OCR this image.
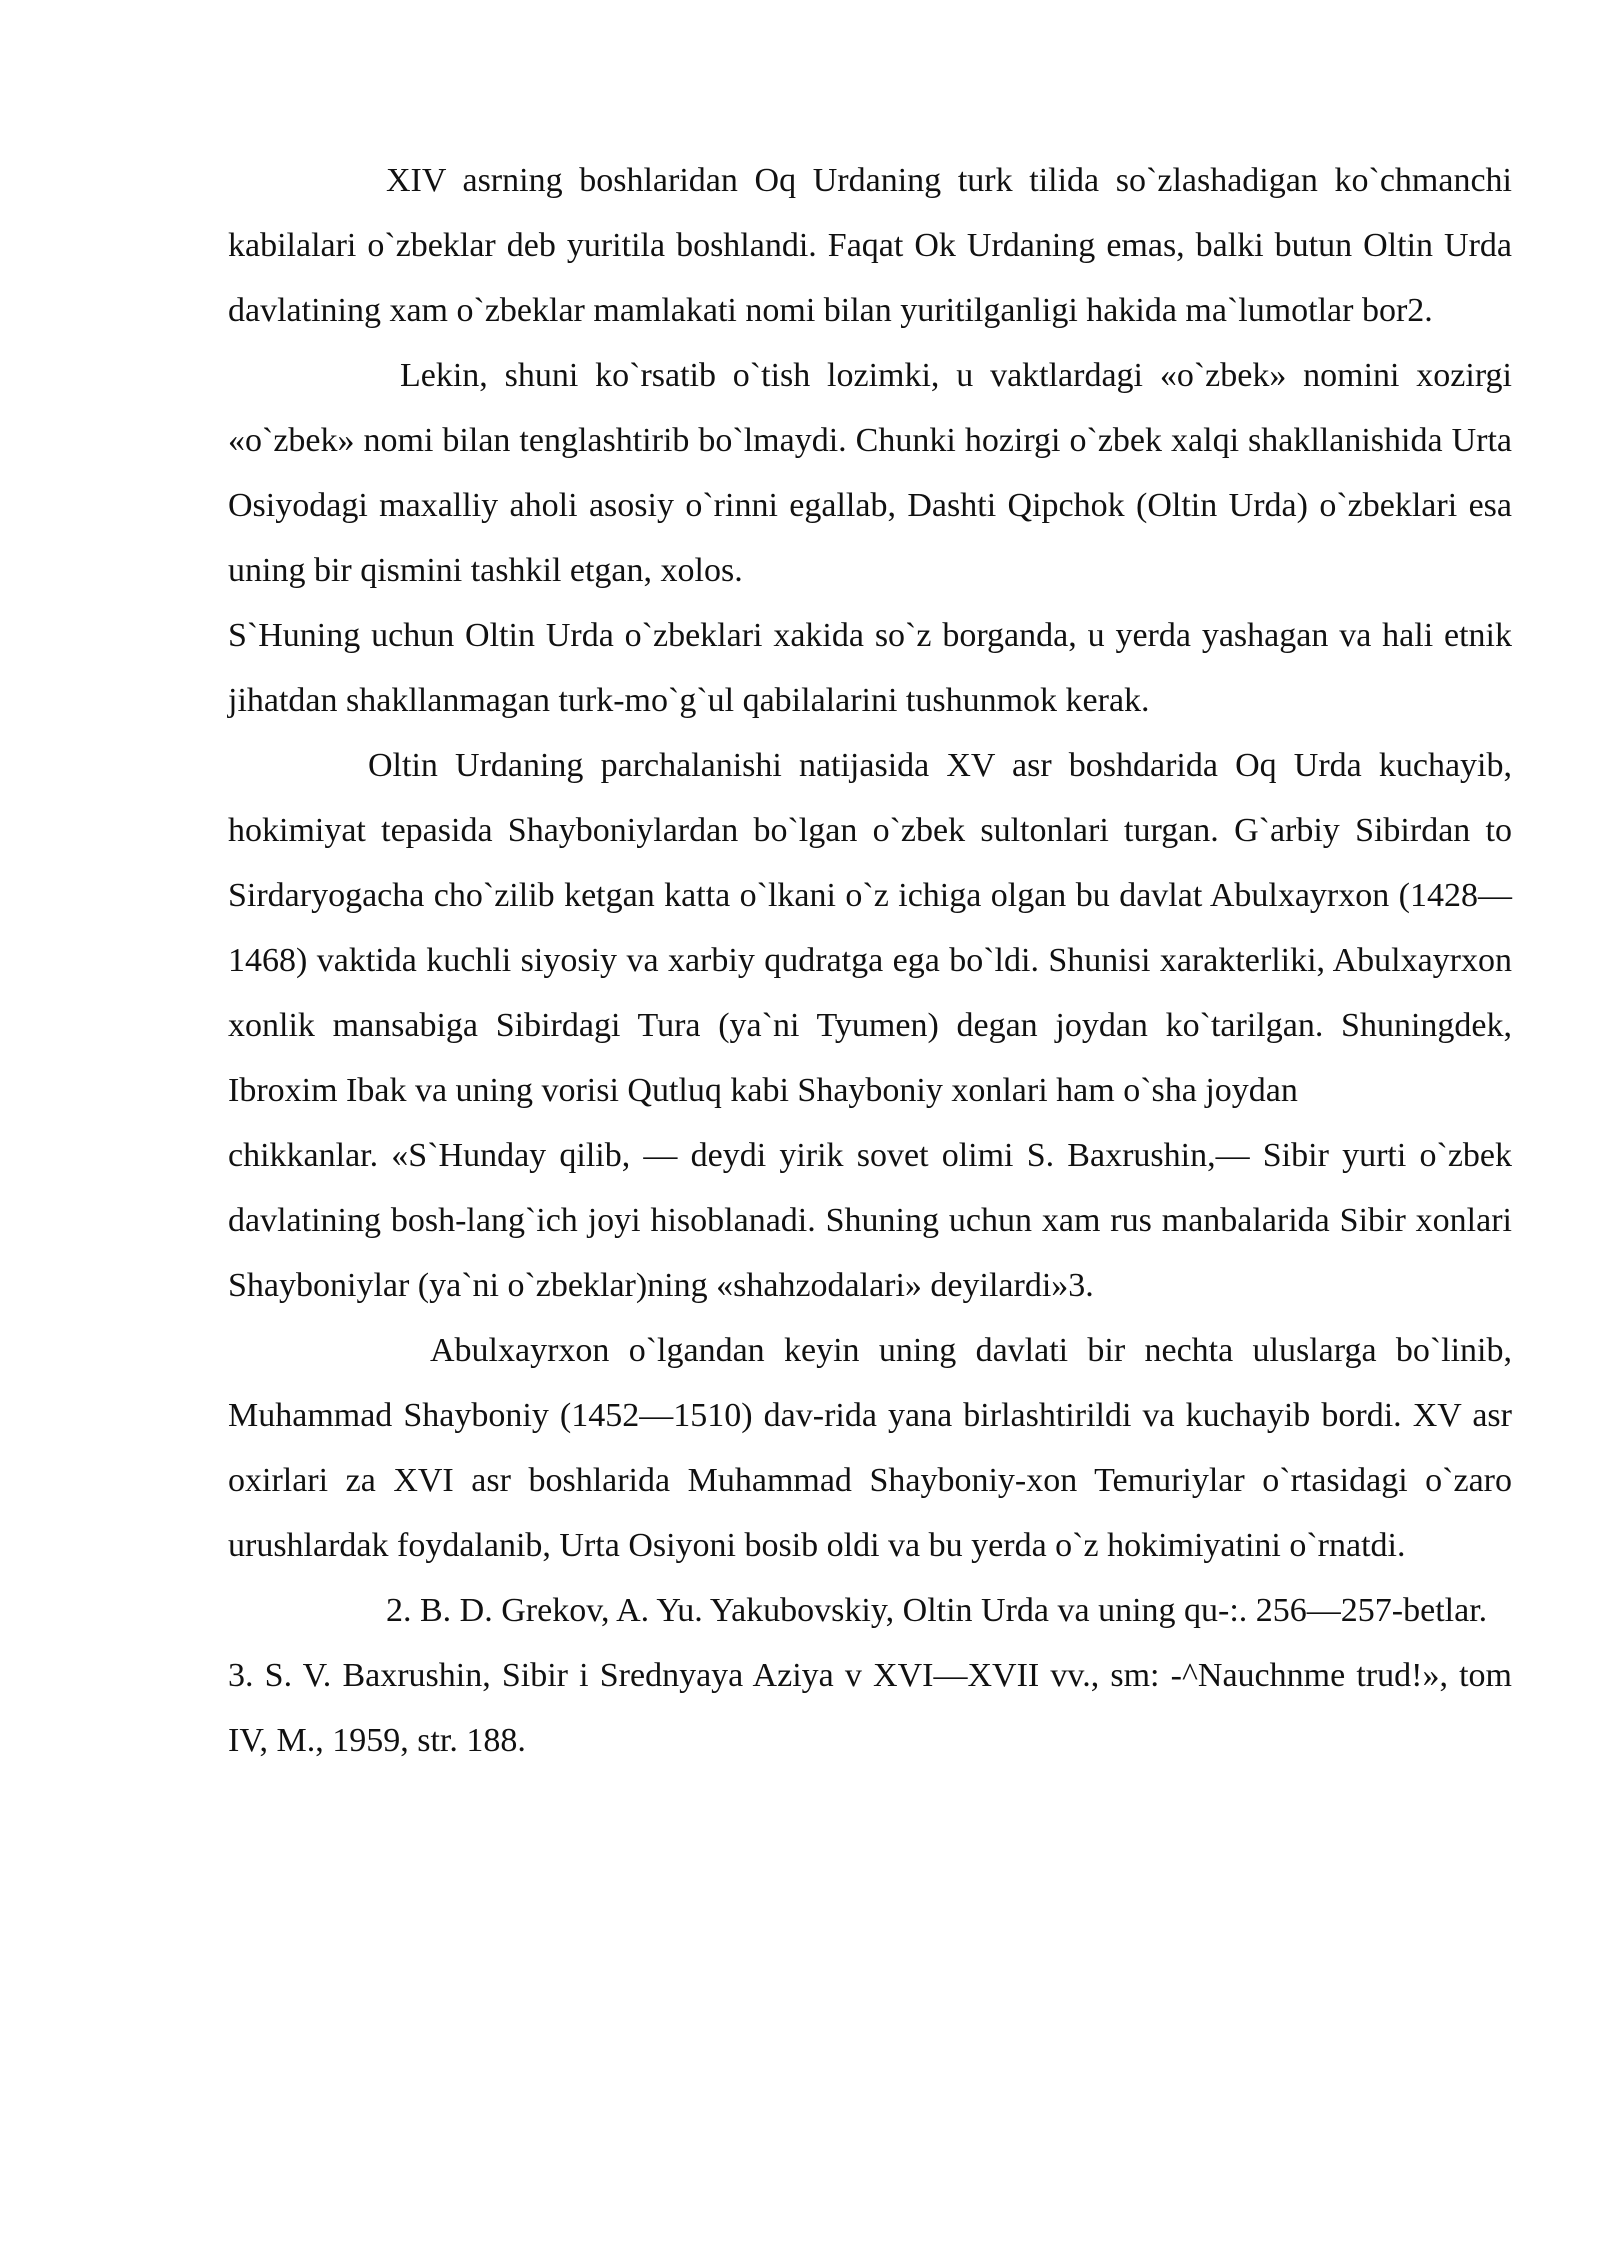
XIV asrning boshlaridan Oq Urdaning turk tilida so`zlashadigan ko`chmanchi kabilalari o`zbeklar deb yuritila boshlandi. Faqat Ok Urdaning emas, balki butun Oltin Urda davlatining xam o`zbeklar mamlakati nomi bilan yuritilganligi hakida ma`lumotlar bor2.

Lekin, shuni ko`rsatib o`tish lozimki, u vaktlardagi «o`zbek» nomini xozirgi «o`zbek» nomi bilan tenglashtirib bo`lmaydi. Chunki hozirgi o`zbek xalqi shakllanishida Urta Osiyodagi maxalliy aholi asosiy o`rinni egallab, Dashti Qipchok (Oltin Urda) o`zbeklari esa uning bir qismini tashkil etgan, xolos.

S`Huning uchun Oltin Urda o`zbeklari xakida so`z borganda, u yerda yashagan va hali etnik jihatdan shakllanmagan turk-mo`g`ul qabilalarini tushunmok kerak.

Oltin Urdaning parchalanishi natijasida XV asr boshdarida Oq Urda kuchayib, hokimiyat tepasida Shayboniylardan bo`lgan o`zbek sultonlari turgan. G`arbiy Sibirdan to Sirdaryogacha cho`zilib ketgan katta o`lkani o`z ichiga olgan bu davlat Abulxayrxon (1428—1468) vaktida kuchli siyosiy va xarbiy qudratga ega bo`ldi. Shunisi xarakterliki, Abulxayrxon xonlik mansabiga Sibirdagi Tura (ya`ni Tyumen) degan joydan ko`tarilgan. Shuningdek, Ibroxim Ibak va uning vorisi Qutluq kabi Shayboniy xonlari ham o`sha joydan

chikkanlar. «S`Hunday qilib, — deydi yirik sovet olimi S. Baxrushin,— Sibir yurti o`zbek davlatining bosh-lang`ich joyi hisoblanadi. Shuning uchun xam rus manbalarida Sibir xonlari Shayboniylar (ya`ni o`zbeklar)ning «shahzodalari» deyilardi»3.

Abulxayrxon o`lgandan keyin uning davlati bir nechta uluslarga bo`linib, Muhammad Shayboniy (1452—1510) dav-rida yana birlashtirildi va kuchayib bordi. XV asr oxirlari za XVI asr boshlarida Muhammad Shayboniy-xon Temuriylar o`rtasidagi o`zaro urushlardak foydalanib, Urta Osiyoni bosib oldi va bu yerda o`z hokimiyatini o`rnatdi.

2. B. D. Grekov, A. Yu. Yakubovskiy, Oltin Urda va uning qu-:. 256—257-betlar.

3. S. V. Baxrushin, Sibir i Srednyaya Aziya v XVI—XVII vv., sm: -^Nauchnme trud!», tom IV, M., 1959, str. 188.
